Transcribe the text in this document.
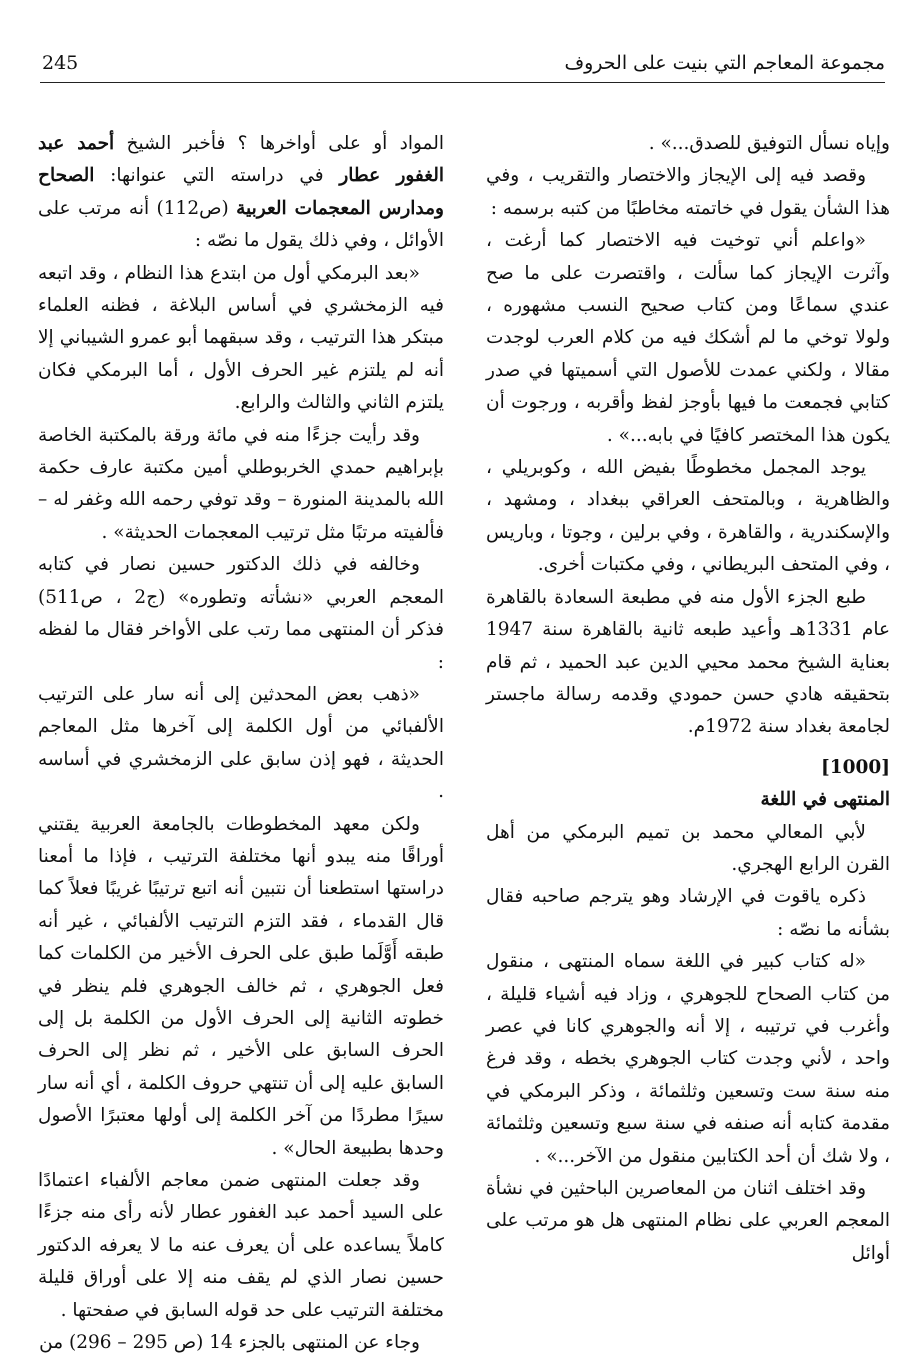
245	مجموعة المعاجم التي بنيت على الحروف

وإياه نسأل التوفيق للصدق...» .

وقصد فيه إلى الإيجاز والاختصار والتقريب ، وفي هذا الشأن يقول في خاتمته مخاطبًا من كتبه برسمه :

«واعلم أني توخيت فيه الاختصار كما أرغت ، وآثرت الإيجاز كما سألت ، واقتصرت على ما صح عندي سماعًا ومن كتاب صحيح النسب مشهوره ، ولولا توخي ما لم أشكك فيه من كلام العرب لوجدت مقالا ، ولكني عمدت للأصول التي أسميتها في صدر كتابي فجمعت ما فيها بأوجز لفظ وأقربه ، ورجوت أن يكون هذا المختصر كافيًا في بابه...» .

يوجد المجمل مخطوطًا بفيض الله ، وكوبريلي ، والظاهرية ، وبالمتحف العراقي ببغداد ، ومشهد ، والإسكندرية ، والقاهرة ، وفي برلين ، وجوتا ، وباريس ، وفي المتحف البريطاني ، وفي مكتبات أخرى.

طبع الجزء الأول منه في مطبعة السعادة بالقاهرة عام 1331هـ وأعيد طبعه ثانية بالقاهرة سنة 1947 بعناية الشيخ محمد محيي الدين عبد الحميد ، ثم قام بتحقيقه هادي حسن حمودي وقدمه رسالة ماجستر لجامعة بغداد سنة 1972م.

[1000]

المنتهى في اللغة

لأبي المعالي محمد بن تميم البرمكي من أهل القرن الرابع الهجري.

ذكره ياقوت في الإرشاد وهو يترجم صاحبه فقال بشأنه ما نصّه :

«له كتاب كبير في اللغة سماه المنتهى ، منقول من كتاب الصحاح للجوهري ، وزاد فيه أشياء قليلة ، وأغرب في ترتيبه ، إلا أنه والجوهري كانا في عصر واحد ، لأني وجدت كتاب الجوهري بخطه ، وقد فرغ منه سنة ست وتسعين وثلثمائة ، وذكر البرمكي في مقدمة كتابه أنه صنفه في سنة سبع وتسعين وثلثمائة ، ولا شك أن أحد الكتابين منقول من الآخر...» .

وقد اختلف اثنان من المعاصرين الباحثين في نشأة المعجم العربي على نظام المنتهى هل هو مرتب على أوائل

المواد أو على أواخرها ؟ فأخبر الشيخ أحمد عبد الغفور عطار في دراسته التي عنوانها: الصحاح ومدارس المعجمات العربية (ص112) أنه مرتب على الأوائل ، وفي ذلك يقول ما نصّه :

«بعد البرمكي أول من ابتدع هذا النظام ، وقد اتبعه فيه الزمخشري في أساس البلاغة ، فظنه العلماء مبتكر هذا الترتيب ، وقد سبقهما أبو عمرو الشيباني إلا أنه لم يلتزم غير الحرف الأول ، أما البرمكي فكان يلتزم الثاني والثالث والرابع.

وقد رأيت جزءًا منه في مائة ورقة بالمكتبة الخاصة بإبراهيم حمدي الخربوطلي أمين مكتبة عارف حكمة الله بالمدينة المنورة – وقد توفي رحمه الله وغفر له – فألفيته مرتبًا مثل ترتيب المعجمات الحديثة» .

وخالفه في ذلك الدكتور حسين نصار في كتابه المعجم العربي «نشأته وتطوره» (ج2 ، ص511) فذكر أن المنتهى مما رتب على الأواخر فقال ما لفظه :

«ذهب بعض المحدثين إلى أنه سار على الترتيب الألفبائي من أول الكلمة إلى آخرها مثل المعاجم الحديثة ، فهو إذن سابق على الزمخشري في أساسه .

ولكن معهد المخطوطات بالجامعة العربية يقتني أوراقًا منه يبدو أنها مختلفة الترتيب ، فإذا ما أمعنا دراستها استطعنا أن نتبين أنه اتبع ترتيبًا غريبًا فعلاً كما قال القدماء ، فقد التزم الترتيب الألفبائي ، غير أنه طبقه أَوَّلَما طبق على الحرف الأخير من الكلمات كما فعل الجوهري ، ثم خالف الجوهري فلم ينظر في خطوته الثانية إلى الحرف الأول من الكلمة بل إلى الحرف السابق على الأخير ، ثم نظر إلى الحرف السابق عليه إلى أن تنتهي حروف الكلمة ، أي أنه سار سيرًا مطردًا من آخر الكلمة إلى أولها معتبرًا الأصول وحدها بطبيعة الحال» .

وقد جعلت المنتهى ضمن معاجم الألفباء اعتمادًا على السيد أحمد عبد الغفور عطار لأنه رأى منه جزءًا كاملاً يساعده على أن يعرف عنه ما لا يعرفه الدكتور حسين نصار الذي لم يقف منه إلا على أوراق قليلة مختلفة الترتيب على حد قوله السابق في صفحتها .

وجاء عن المنتهى بالجزء 14 (ص 295 – 296) من
